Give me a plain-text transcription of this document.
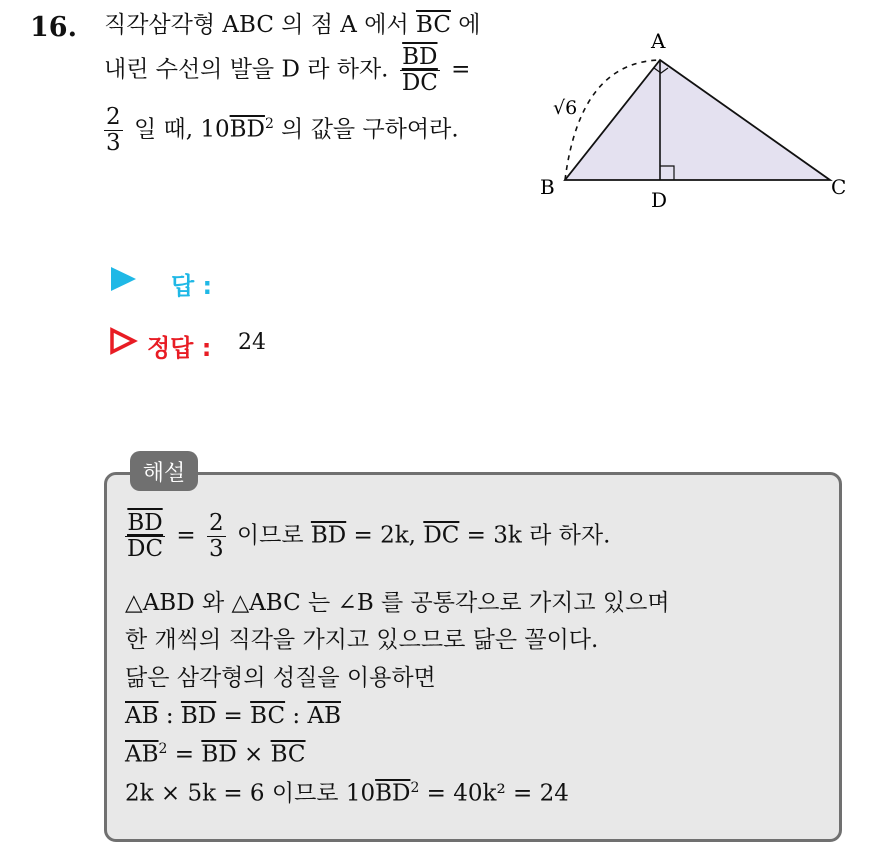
16. 직각삼각형 ABC 의 점 A 에서 $\overline{BC}$ 에
내린 수선의 발을 D 라 하자. $\frac{\overline{BD}}{DC}$ =
$\frac{2}{3}$ 일 때, $10\overline{BD}^2$ 의 값을 구하여라.
A
B	C
D
√6
답 :
정답 : 24
해설
$\frac{\overline{BD}}{DC} = \frac{2}{3}$ 이므로 $\overline{BD} = 2k$, $\overline{DC} = 3k$ 라 하자.
△ABD 와 △ABC 는 ∠B 를 공통각으로 가지고 있으며
한 개씩의 직각을 가지고 있으므로 닮은 꼴이다.
닮은 삼각형의 성질을 이용하면
$\overline{AB}$ : $\overline{BD} = \overline{BC}$ : $\overline{AB}$
$\overline{AB}^2 = \overline{BD} \times \overline{BC}$
2k × 5k = 6 이므로 $10\overline{BD}^2 = 40k^2 = 24$
